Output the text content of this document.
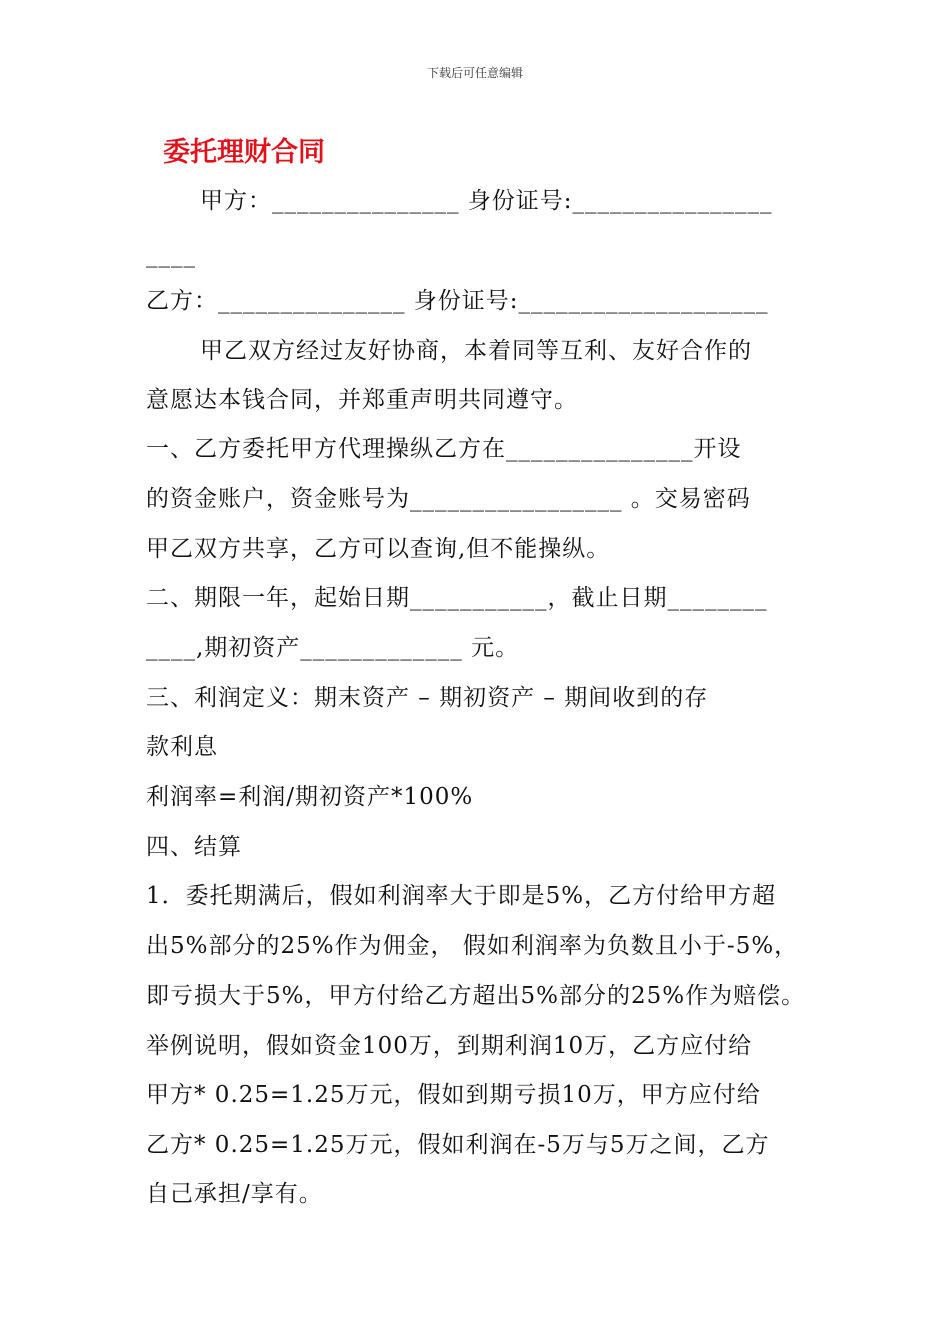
下载后可任意编辑
委托理财合同
甲方：_______________ 身份证号:________________
____
乙方：_______________ 身份证号:____________________
甲乙双方经过友好协商，本着同等互利、友好合作的
意愿达本钱合同，并郑重声明共同遵守。
一、乙方委托甲方代理操纵乙方在_______________开设
的资金账户，资金账号为_________________ 。交易密码
甲乙双方共享，乙方可以查询,但不能操纵。
二、期限一年，起始日期___________，截止日期________
____,期初资产_____________ 元。
三、利润定义：期末资产 – 期初资产 – 期间收到的存
款利息
利润率=利润/期初资产*100%
四、结算
1．委托期满后，假如利润率大于即是5%，乙方付给甲方超
出5%部分的25%作为佣金， 假如利润率为负数且小于-5%，
即亏损大于5%，甲方付给乙方超出5%部分的25%作为赔偿。
举例说明，假如资金100万，到期利润10万，乙方应付给
甲方* 0.25=1.25万元，假如到期亏损10万，甲方应付给
乙方* 0.25=1.25万元，假如利润在-5万与5万之间，乙方
自己承担/享有。
